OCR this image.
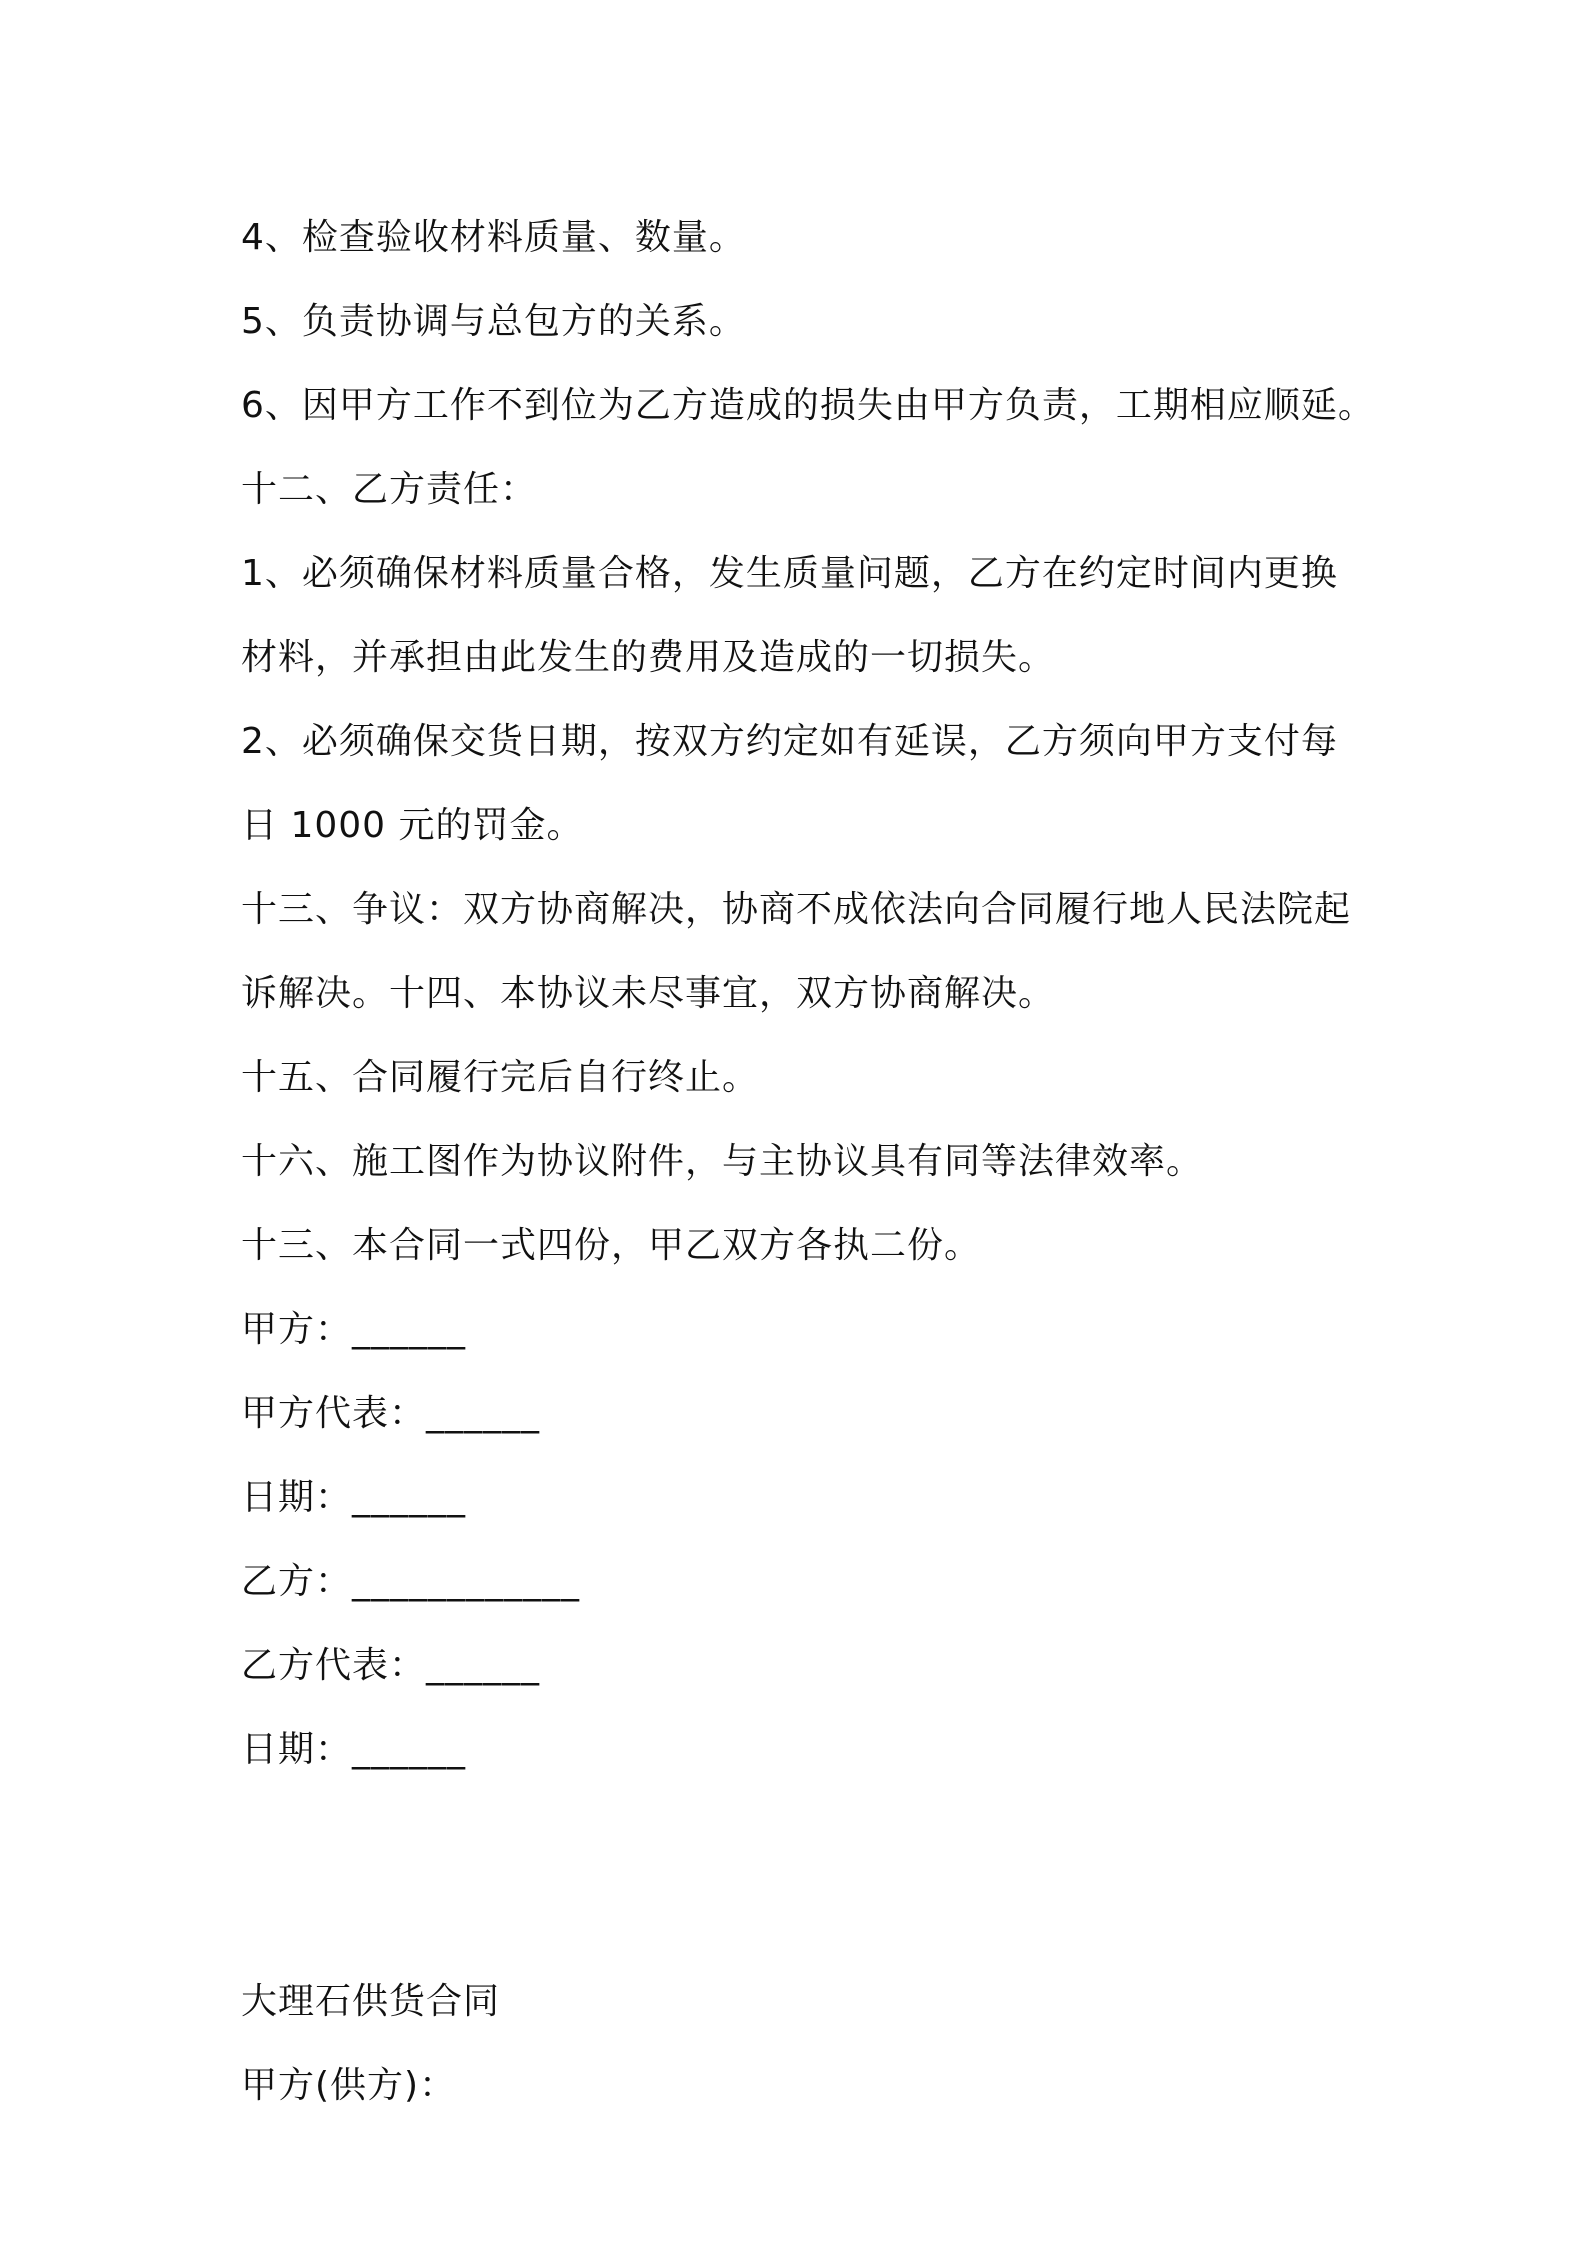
4、检查验收材料质量、数量。
5、负责协调与总包方的关系。
6、因甲方工作不到位为乙方造成的损失由甲方负责，工期相应顺延。
十二、乙方责任：
1、必须确保材料质量合格，发生质量问题，乙方在约定时间内更换
材料，并承担由此发生的费用及造成的一切损失。
2、必须确保交货日期，按双方约定如有延误，乙方须向甲方支付每
日 1000 元的罚金。
十三、争议：双方协商解决，协商不成依法向合同履行地人民法院起
诉解决。十四、本协议未尽事宜，双方协商解决。
十五、合同履行完后自行终止。
十六、施工图作为协议附件，与主协议具有同等法律效率。
十三、本合同一式四份，甲乙双方各执二份。
甲方：______
甲方代表：______
日期：______
乙方：____________
乙方代表：______
日期：______
大理石供货合同
甲方(供方)：
